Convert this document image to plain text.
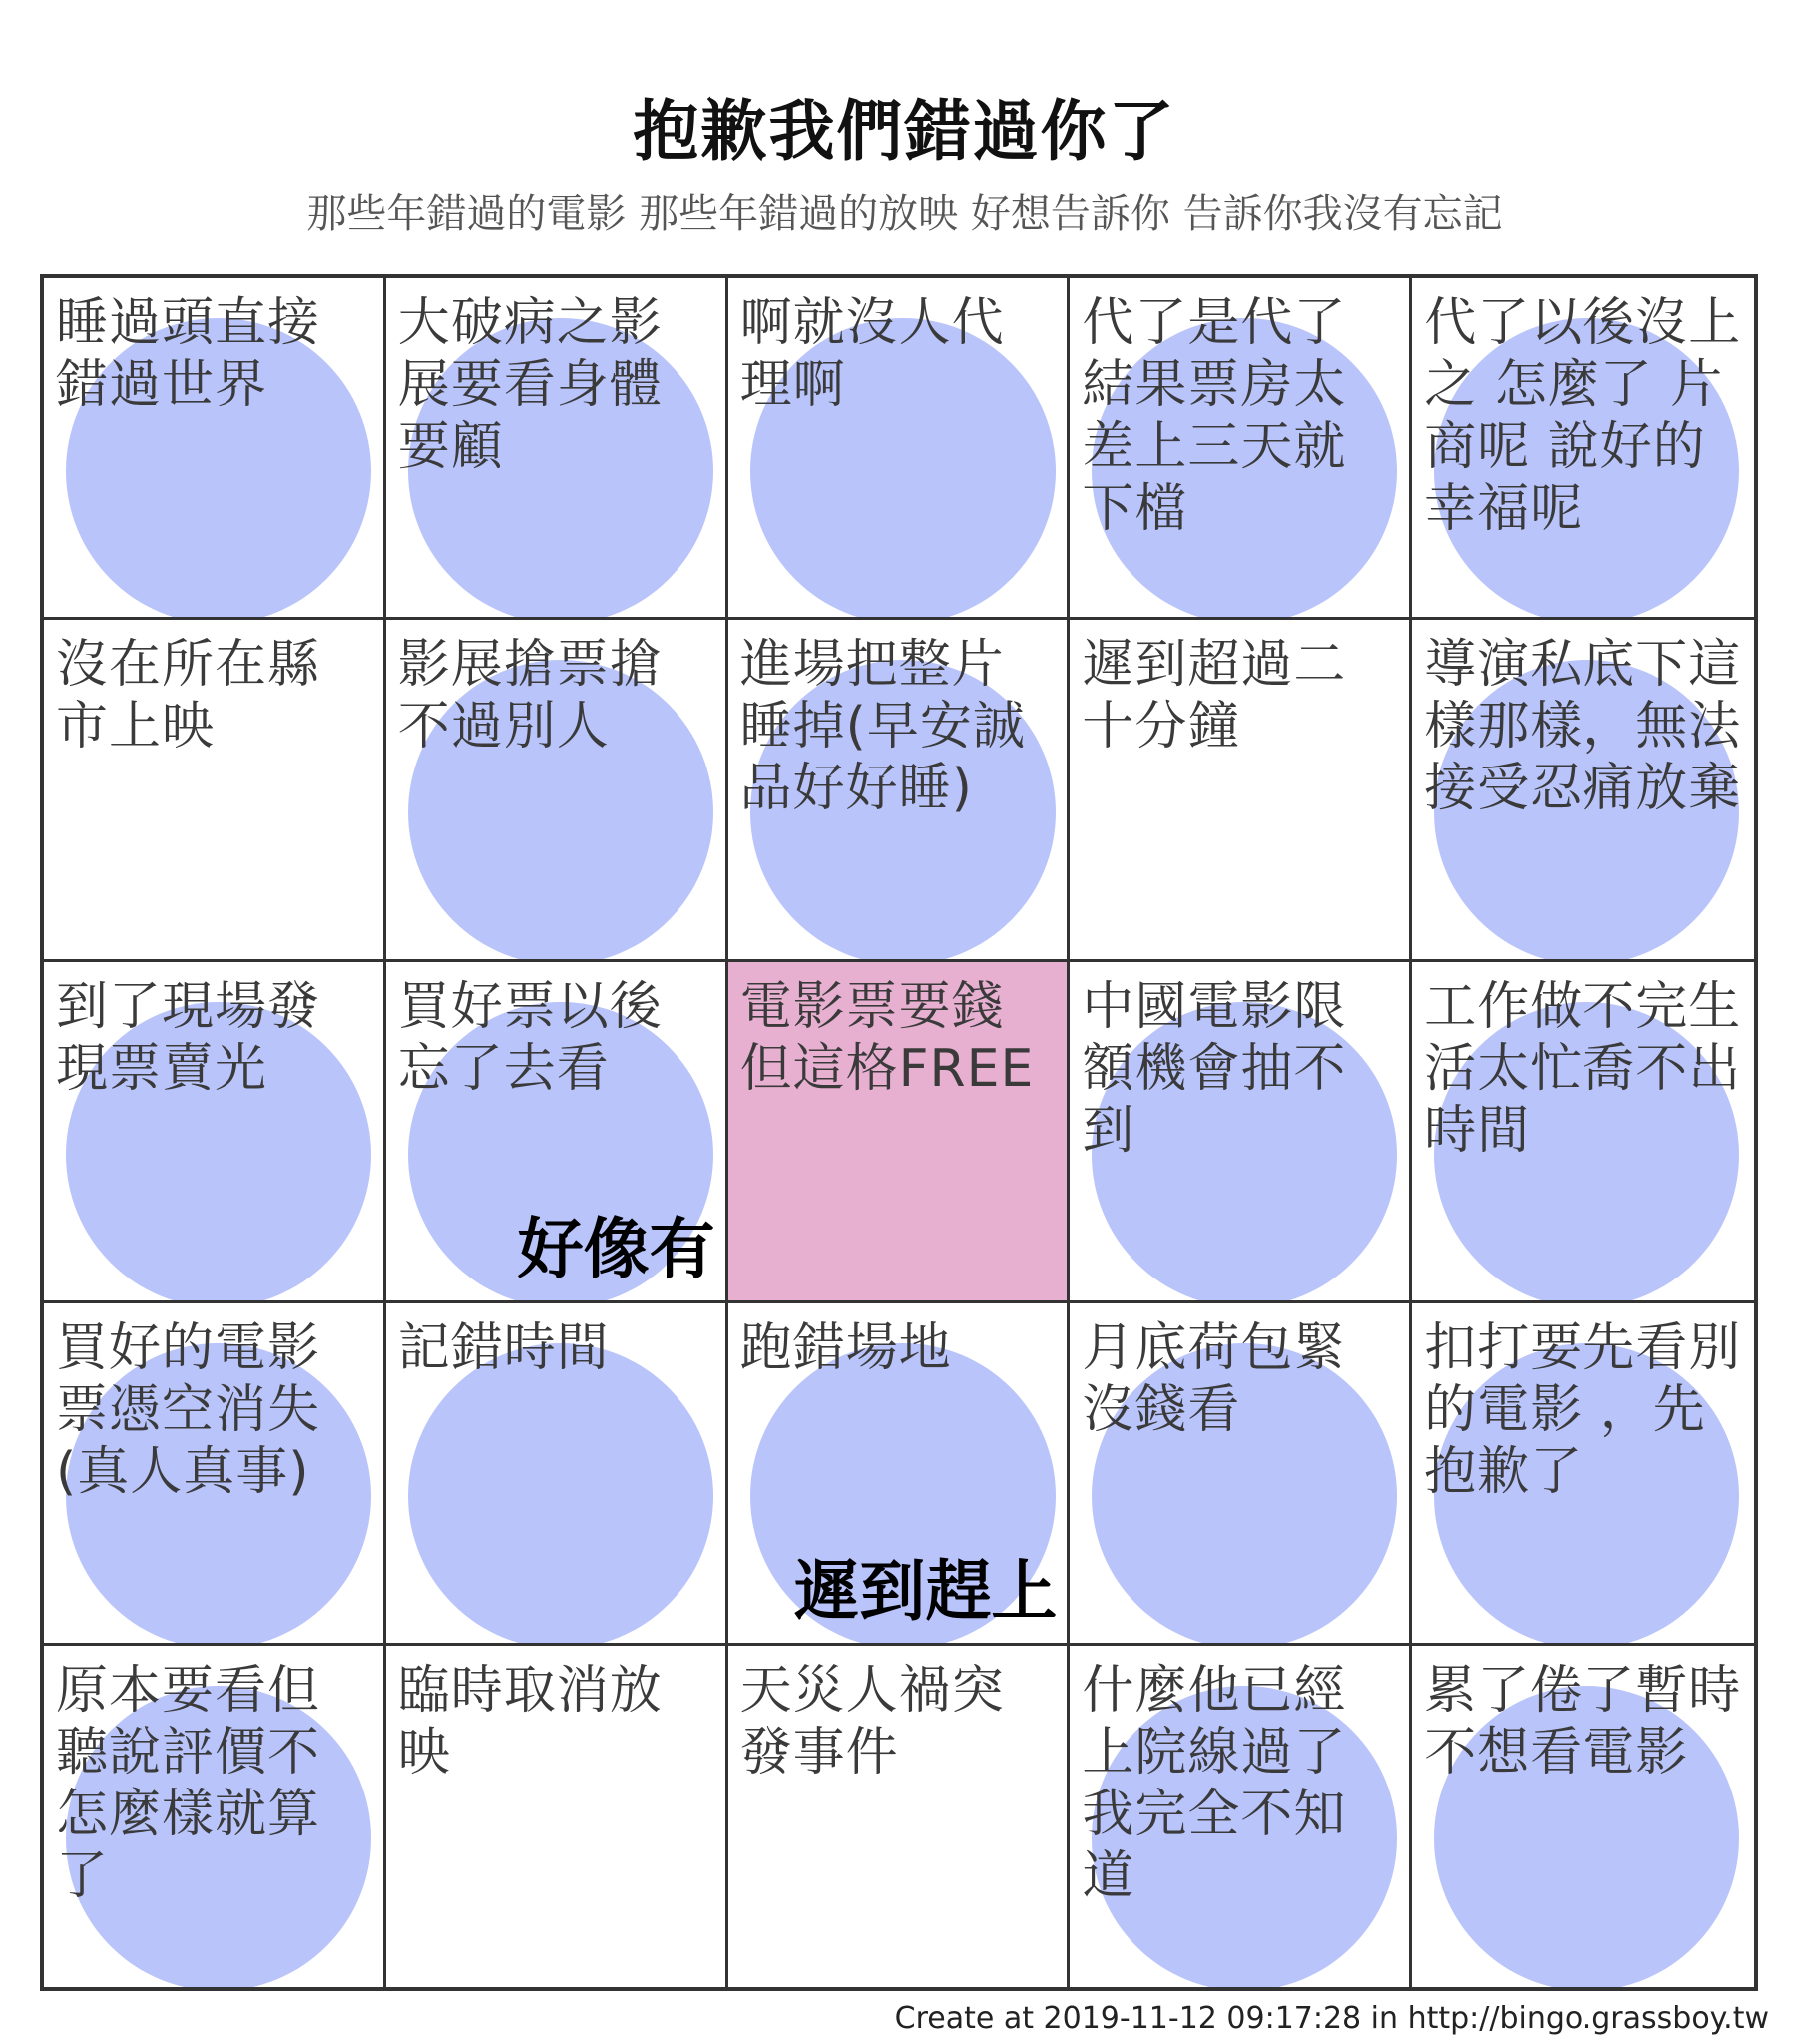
抱歉我們錯過你了
那些年錯過的電影 那些年錯過的放映 好想告訴你 告訴你我沒有忘記
睡過頭直接錯過世界
大破病之影展要看身體要顧
啊就沒人代理啊
代了是代了結果票房太差上三天就下檔
代了以後沒上之 怎麼了 片商呢 說好的幸福呢
沒在所在縣市上映
影展搶票搶不過別人
進場把整片睡掉(早安誠品好好睡)
遲到超過二十分鐘
導演私底下這樣那樣，無法接受忍痛放棄
到了現場發現票賣光
買好票以後忘了去看
好像有
電影票要錢但這格FREE
中國電影限額機會抽不到
工作做不完生活太忙喬不出時間
買好的電影票憑空消失(真人真事)
記錯時間	跑錯場地
遲到趕上
月底荷包緊沒錢看
扣打要先看別的電影 ，先抱歉了
原本要看但聽說評價不怎麼樣就算了
臨時取消放映
天災人禍突發事件
什麼他已經上院線過了我完全不知道
累了倦了暫時不想看電影
Create at 2019-11-12 09:17:28 in http://bingo.grassboy.tw
